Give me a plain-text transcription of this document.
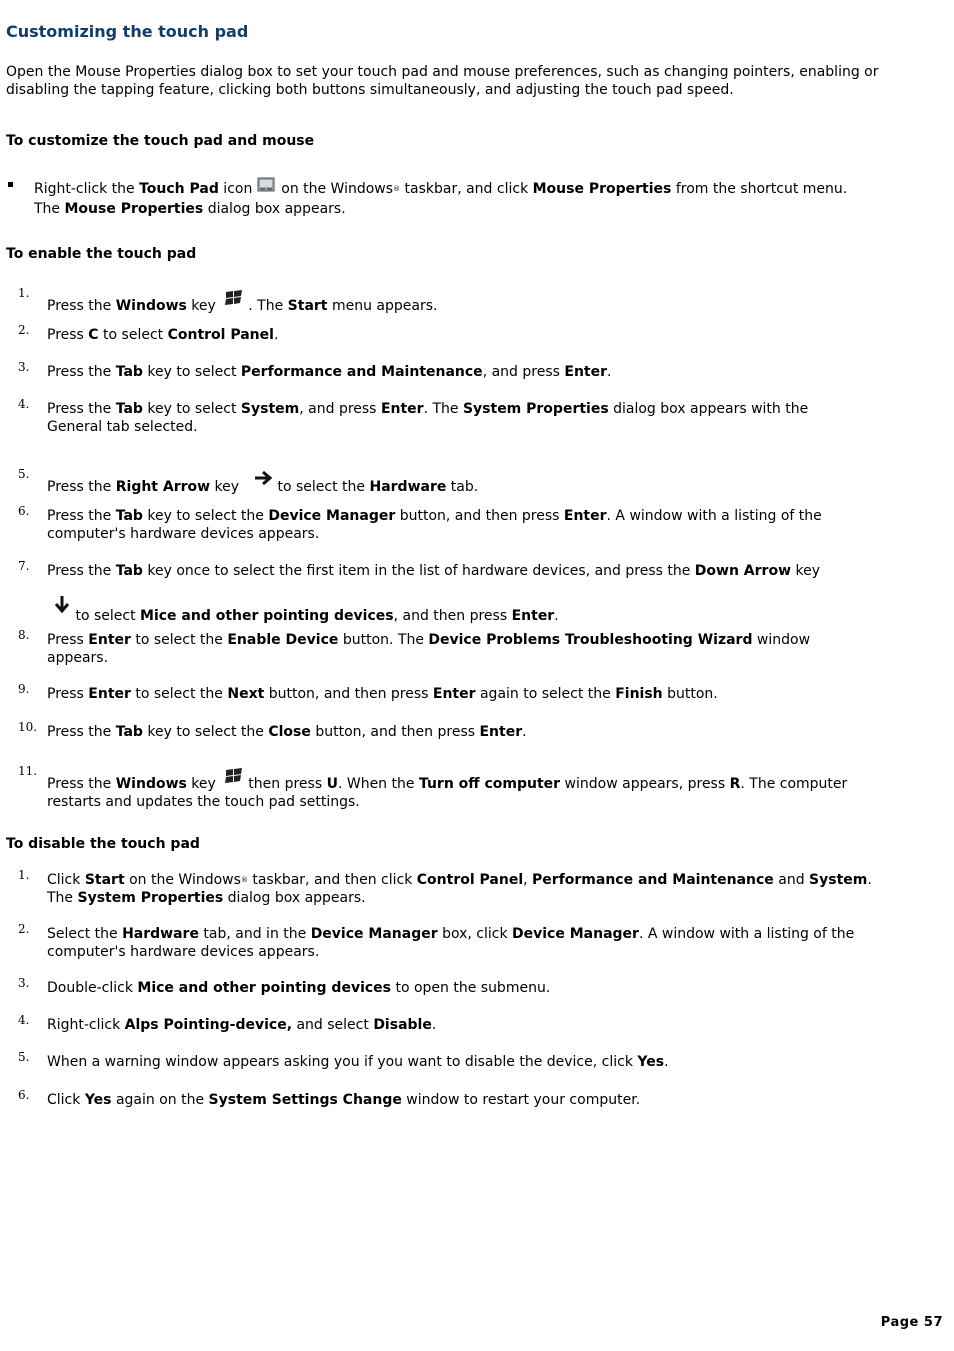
Customizing the touch pad

Open the Mouse Properties dialog box to set your touch pad and mouse preferences, such as changing pointers, enabling or disabling the tapping feature, clicking both buttons simultaneously, and adjusting the touch pad speed.

To customize the touch pad and mouse

Right-click the Touch Pad icon  on the Windows® taskbar, and click Mouse Properties from the shortcut menu.
The Mouse Properties dialog box appears.

To enable the touch pad

1.
Press the Windows key . The Start menu appears.
2. Press C to select Control Panel.
3. Press the Tab key to select Performance and Maintenance, and press Enter.
4. Press the Tab key to select System, and press Enter. The System Properties dialog box appears with the
General tab selected.
5.
Press the Right Arrow key to select the Hardware tab.
6. Press the Tab key to select the Device Manager button, and then press Enter. A window with a listing of the
computer's hardware devices appears.
7. Press the Tab key once to select the first item in the list of hardware devices, and press the Down Arrow key
to select Mice and other pointing devices, and then press Enter.
8. Press Enter to select the Enable Device button. The Device Problems Troubleshooting Wizard window
appears.
9. Press Enter to select the Next button, and then press Enter again to select the Finish button.
10. Press the Tab key to select the Close button, and then press Enter.
11.
Press the Windows key then press U. When the Turn off computer window appears, press R. The computer
restarts and updates the touch pad settings.

To disable the touch pad

1. Click Start on the Windows® taskbar, and then click Control Panel, Performance and Maintenance and System.
The System Properties dialog box appears.
2. Select the Hardware tab, and in the Device Manager box, click Device Manager. A window with a listing of the
computer's hardware devices appears.
3. Double-click Mice and other pointing devices to open the submenu.
4. Right-click Alps Pointing-device, and select Disable.
5. When a warning window appears asking you if you want to disable the device, click Yes.
6. Click Yes again on the System Settings Change window to restart your computer.
Page 57
